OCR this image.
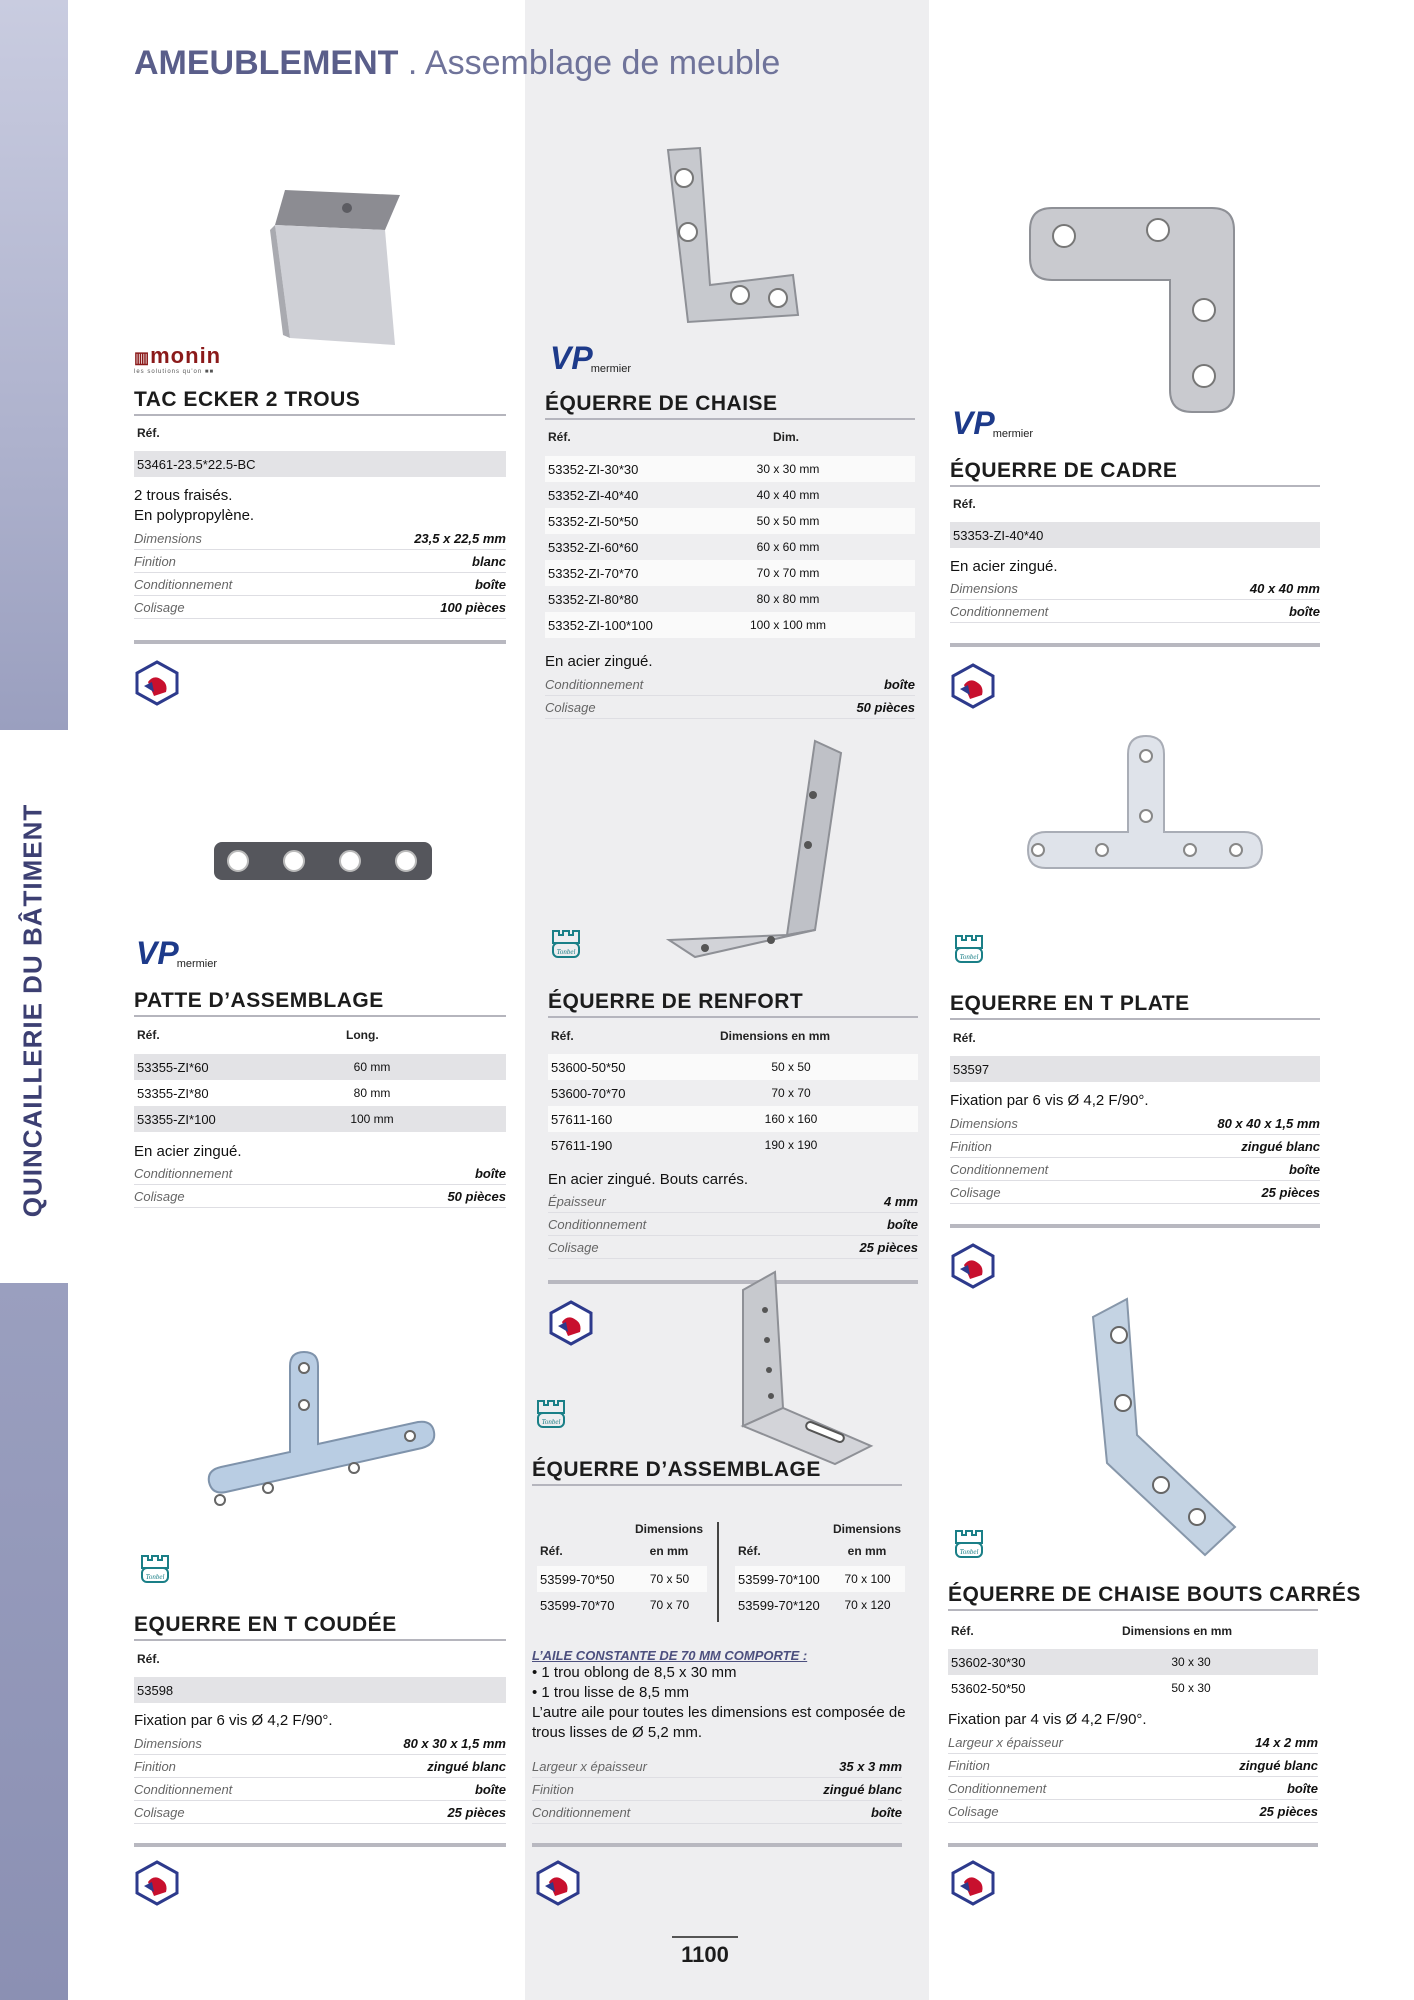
QUINCAILLERIE DU BÂTIMENT
AMEUBLEMENT . Assemblage de meuble
▥monin
les solutions qu'on ■■
TAC ECKER 2 TROUS
Réf.
53461-23.5*22.5-BC
2 trous fraisés.
En polypropylène.
Dimensions	23,5 x 22,5 mm
Finition	blanc
Conditionnement	boîte
Colisage	100 pièces
VP
mermier
ÉQUERRE DE CHAISE
Réf.	Dim.
53352-ZI-30*30	30 x 30 mm
53352-ZI-40*40	40 x 40 mm
53352-ZI-50*50	50 x 50 mm
53352-ZI-60*60	60 x 60 mm
53352-ZI-70*70	70 x 70 mm
53352-ZI-80*80	80 x 80 mm
53352-ZI-100*100	100 x 100 mm
En acier zingué.
Conditionnement	boîte
Colisage	50 pièces
VP
mermier
ÉQUERRE DE CADRE
Réf.
53353-ZI-40*40
En acier zingué.
Dimensions	40 x 40 mm
Conditionnement	boîte
VP
mermier
PATTE D’ASSEMBLAGE
Réf.	Long.
53355-ZI*60	60 mm
53355-ZI*80	80 mm
53355-ZI*100	100 mm
En acier zingué.
Conditionnement	boîte
Colisage	50 pièces
Tonbel
ÉQUERRE DE RENFORT
Réf.	Dimensions en mm
53600-50*50	50 x 50
53600-70*70	70 x 70
57611-160	160 x 160
57611-190	190 x 190
En acier zingué. Bouts carrés.
Épaisseur	4 mm
Conditionnement	boîte
Colisage	25 pièces
Tonbel
EQUERRE EN T PLATE
Réf.
53597
Fixation par 6 vis Ø 4,2 F/90°.
Dimensions	80 x 40 x 1,5 mm
Finition	zingué blanc
Conditionnement	boîte
Colisage	25 pièces
Tonbel
EQUERRE EN T COUDÉE
Réf.
53598
Fixation par 6 vis Ø 4,2 F/90°.
Dimensions	80 x 30 x 1,5 mm
Finition	zingué blanc
Conditionnement	boîte
Colisage	25 pièces
Tonbel
ÉQUERRE D’ASSEMBLAGE
Réf.
Dimensions
en mm
53599-70*50	70 x 50
53599-70*70	70 x 70
Réf.
Dimensions
en mm
53599-70*100	70 x 100
53599-70*120	70 x 120
L’AILE CONSTANTE DE 70 MM COMPORTE :
• 1 trou oblong de 8,5 x 30 mm
• 1 trou lisse de 8,5 mm
L’autre aile pour toutes les dimensions est composée de
trous lisses de Ø 5,2 mm.
Largeur x épaisseur	35 x 3 mm
Finition	zingué blanc
Conditionnement	boîte
Tonbel
ÉQUERRE DE CHAISE BOUTS CARRÉS
Réf.	Dimensions en mm
53602-30*30	30 x 30
53602-50*50	50 x 30
Fixation par 4 vis Ø 4,2 F/90°.
Largeur x épaisseur	14 x 2 mm
Finition	zingué blanc
Conditionnement	boîte
Colisage	25 pièces
1100
